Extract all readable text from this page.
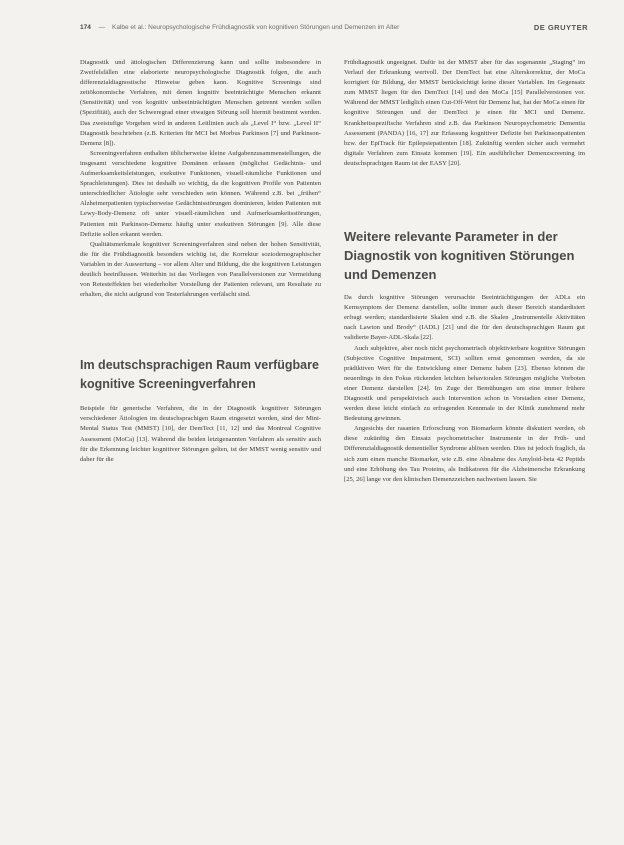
174 — Kalbe et al.: Neuropsychologische Frühdiagnostik von kognitiven Störungen und Demenzen im Alter	DE GRUYTER

Diagnostik und ätiologischen Differenzierung kann und sollte insbesondere in Zweifelsfällen eine elaborierte neuropsychologische Diagnostik folgen, die auch differenzialdiagnostische Hinweise geben kann. Kognitive Screenings sind zeitökonomische Verfahren, mit denen kognitiv beeinträchtigte Menschen erkannt (Sensitivität) und von kognitiv unbeeinträchtigten Menschen getrennt werden sollen (Spezifität), auch der Schweregrad einer etwaigen Störung soll hiermit bestimmt werden. Das zweistufige Vorgehen wird in anderen Leitlinien auch als „Level I“ bzw. „Level II“ Diagnostik beschrieben (z.B. Kriterien für MCI bei Morbus Parkinson [7] und Parkinson-Demenz [8]).

Screeningverfahren enthalten üblicherweise kleine Aufgabenzusammenstellungen, die insgesamt verschiedene kognitive Domänen erfassen (möglichst Gedächtnis- und Aufmerksamkeitsleistungen, exekutive Funktionen, visuell-räumliche Funktionen und Sprachleistungen). Dies ist deshalb so wichtig, da die kognitiven Profile von Patienten unterschiedlicher Ätiologie sehr verschieden sein können. Während z.B. bei „frühen“ Alzheimerpatienten typischerweise Gedächtnisstörungen dominieren, leiden Patienten mit Lewy-Body-Demenz oft unter visuell-räumlichen und Aufmerksamkeitsstörungen, Patienten mit Parkinson-Demenz häufig unter exekutiven Störungen [9]. Alle diese Defizite sollen erkannt werden.

Qualitätsmerkmale kognitiver Screeningverfahren sind neben der hohen Sensitivität, die für die Frühdiagnostik besonders wichtig ist, die Korrektur soziodemographischer Variablen in der Auswertung – vor allem Alter und Bildung, die die kognitiven Leistungen deutlich beeinflussen. Weiterhin ist das Vorliegen von Parallelversionen zur Vermeidung von Retesteffekten bei wiederholter Vorstellung der Patienten relevant, um Resultate zu erhalten, die nicht aufgrund von Testerfahrungen verfälscht sind.

Im deutschsprachigen Raum verfügbare kognitive Screeningverfahren

Beispiele für generische Verfahren, die in der Diagnostik kognitiver Störungen verschiedener Ätiologien im deutschsprachigen Raum eingesetzt werden, sind der Mini-Mental Status Test (MMST) [10], der DemTect [11, 12] und das Montreal Cognitive Assessment (MoCa) [13]. Während die beiden letztgenannten Verfahren als sensitiv auch für die Erkennung leichter kognitiver Störungen gelten, ist der MMST wenig sensitiv und daher für die

Frühdiagnostik ungeeignet. Dafür ist der MMST aber für das sogenannte „Staging“ im Verlauf der Erkrankung wertvoll. Der DemTect hat eine Alterskorrektur, der MoCa korrigiert für Bildung, der MMST berücksichtigt keine dieser Variablen. Im Gegensatz zum MMST liegen für den DemTect [14] und den MoCa [15] Parallelversionen vor. Während der MMST lediglich einen Cut-Off-Wert für Demenz hat, hat der MoCa einen für kognitive Störungen und der DemTect je einen für MCI und Demenz. Krankheitsspezifische Verfahren sind z.B. das Parkinson Neuropsychometric Dementia Assessment (PANDA) [16, 17] zur Erfassung kognitiver Defizite bei Parkinsonpatienten bzw. der EpiTrack für Epilepsiepatienten [18]. Zukünftig werden sicher auch vermehrt digitale Verfahren zum Einsatz kommen [19]. Ein ausführlicher Demenzscreening im deutschsprachigen Raum ist der EASY [20].

Weitere relevante Parameter in der Diagnostik von kognitiven Störungen und Demenzen

Da durch kognitive Störungen verursachte Beeinträchtigungen der ADLs ein Kernsymptom der Demenz darstellen, sollte immer auch dieser Bereich standardisiert erfragt werden; standardisierte Skalen sind z.B. die Skalen „Instrumentelle Aktivitäten nach Lawton und Brody“ (IADL) [21] und die für den deutschsprachigen Raum gut validierte Bayer-ADL-Skala [22].

Auch subjektive, aber noch nicht psychometrisch objektivierbare kognitive Störungen (Subjective Cognitive Impairment, SCI) sollten ernst genommen werden, da sie prädiktiven Wert für die Entwicklung einer Demenz haben [23]. Ebenso können die neuerdings in den Fokus rückenden leichten behavioralen Störungen mögliche Vorboten einer Demenz darstellen [24]. Im Zuge der Bemühungen um eine immer frühere Diagnostik und perspektivisch auch Intervention schon in Vorstadien einer Demenz, werden diese leicht einfach zu erfragenden Kennmale in der Klinik zunehmend mehr Bedeutung gewinnen.

Angesichts der rasanten Erforschung von Biomarkern könnte diskutiert werden, ob diese zukünftig den Einsatz psychometrischer Instrumente in der Früh- und Differenzialdiagnostik dementieller Syndrome ablösen werden. Dies ist jedoch fraglich, da sich zum einen manche Biomarker, wie z.B. eine Abnahme des Amyloid-beta 42 Peptids und eine Erhöhung des Tau Proteins, als Indikatoren für die Alzheimersche Erkrankung [25, 26] lange vor den klinischen Demenzzeichen nachweisen lassen. Sie
